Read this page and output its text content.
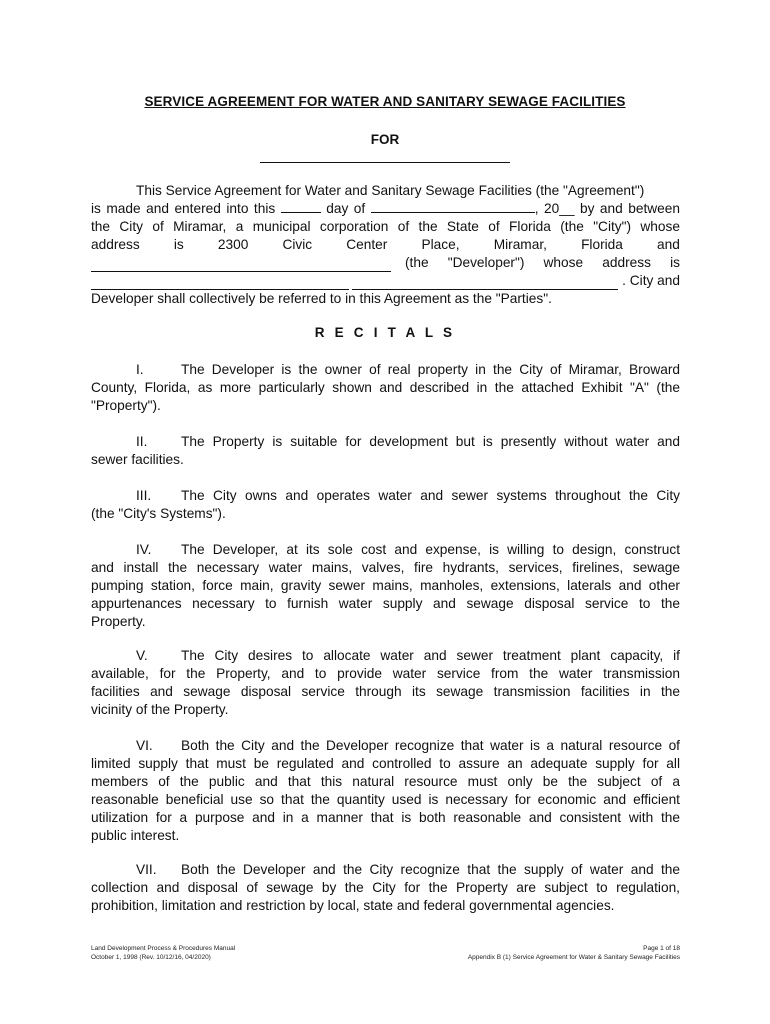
SERVICE AGREEMENT FOR WATER AND SANITARY SEWAGE FACILITIES
FOR
This Service Agreement for Water and Sanitary Sewage Facilities (the "Agreement")
is made and entered into this	day of	, 20__ by and between
the City of Miramar, a municipal corporation of the State of Florida (the "City") whose
address is 2300 Civic Center Place, Miramar, Florida and
(the "Developer") whose address is
. City and
Developer shall collectively be referred to in this Agreement as the "Parties".
R E C I T A L S
I.	The Developer is the owner of real property in the City of Miramar, Broward
County, Florida, as more particularly shown and described in the attached Exhibit "A" (the
"Property").
II. The Property is suitable for development but is presently without water and
sewer facilities.
III. The City owns and operates water and sewer systems throughout the City
(the "City's Systems").
IV. The Developer, at its sole cost and expense, is willing to design, construct
and install the necessary water mains, valves, fire hydrants, services, firelines, sewage
pumping station, force main, gravity sewer mains, manholes, extensions, laterals and other
appurtenances necessary to furnish water supply and sewage disposal service to the
Property.
V. The City desires to allocate water and sewer treatment plant capacity, if
available, for the Property, and to provide water service from the water transmission
facilities and sewage disposal service through its sewage transmission facilities in the
vicinity of the Property.
VI. Both the City and the Developer recognize that water is a natural resource of
limited supply that must be regulated and controlled to assure an adequate supply for all
members of the public and that this natural resource must only be the subject of a
reasonable beneficial use so that the quantity used is necessary for economic and efficient
utilization for a purpose and in a manner that is both reasonable and consistent with the
public interest.
VII. Both the Developer and the City recognize that the supply of water and the
collection and disposal of sewage by the City for the Property are subject to regulation,
prohibition, limitation and restriction by local, state and federal governmental agencies.
Land Development Process & Procedures Manual
October 1, 1998 (Rev. 10/12/16, 04/2020)
Page 1 of 18
Appendix B (1) Service Agreement for Water & Sanitary Sewage Facilities
